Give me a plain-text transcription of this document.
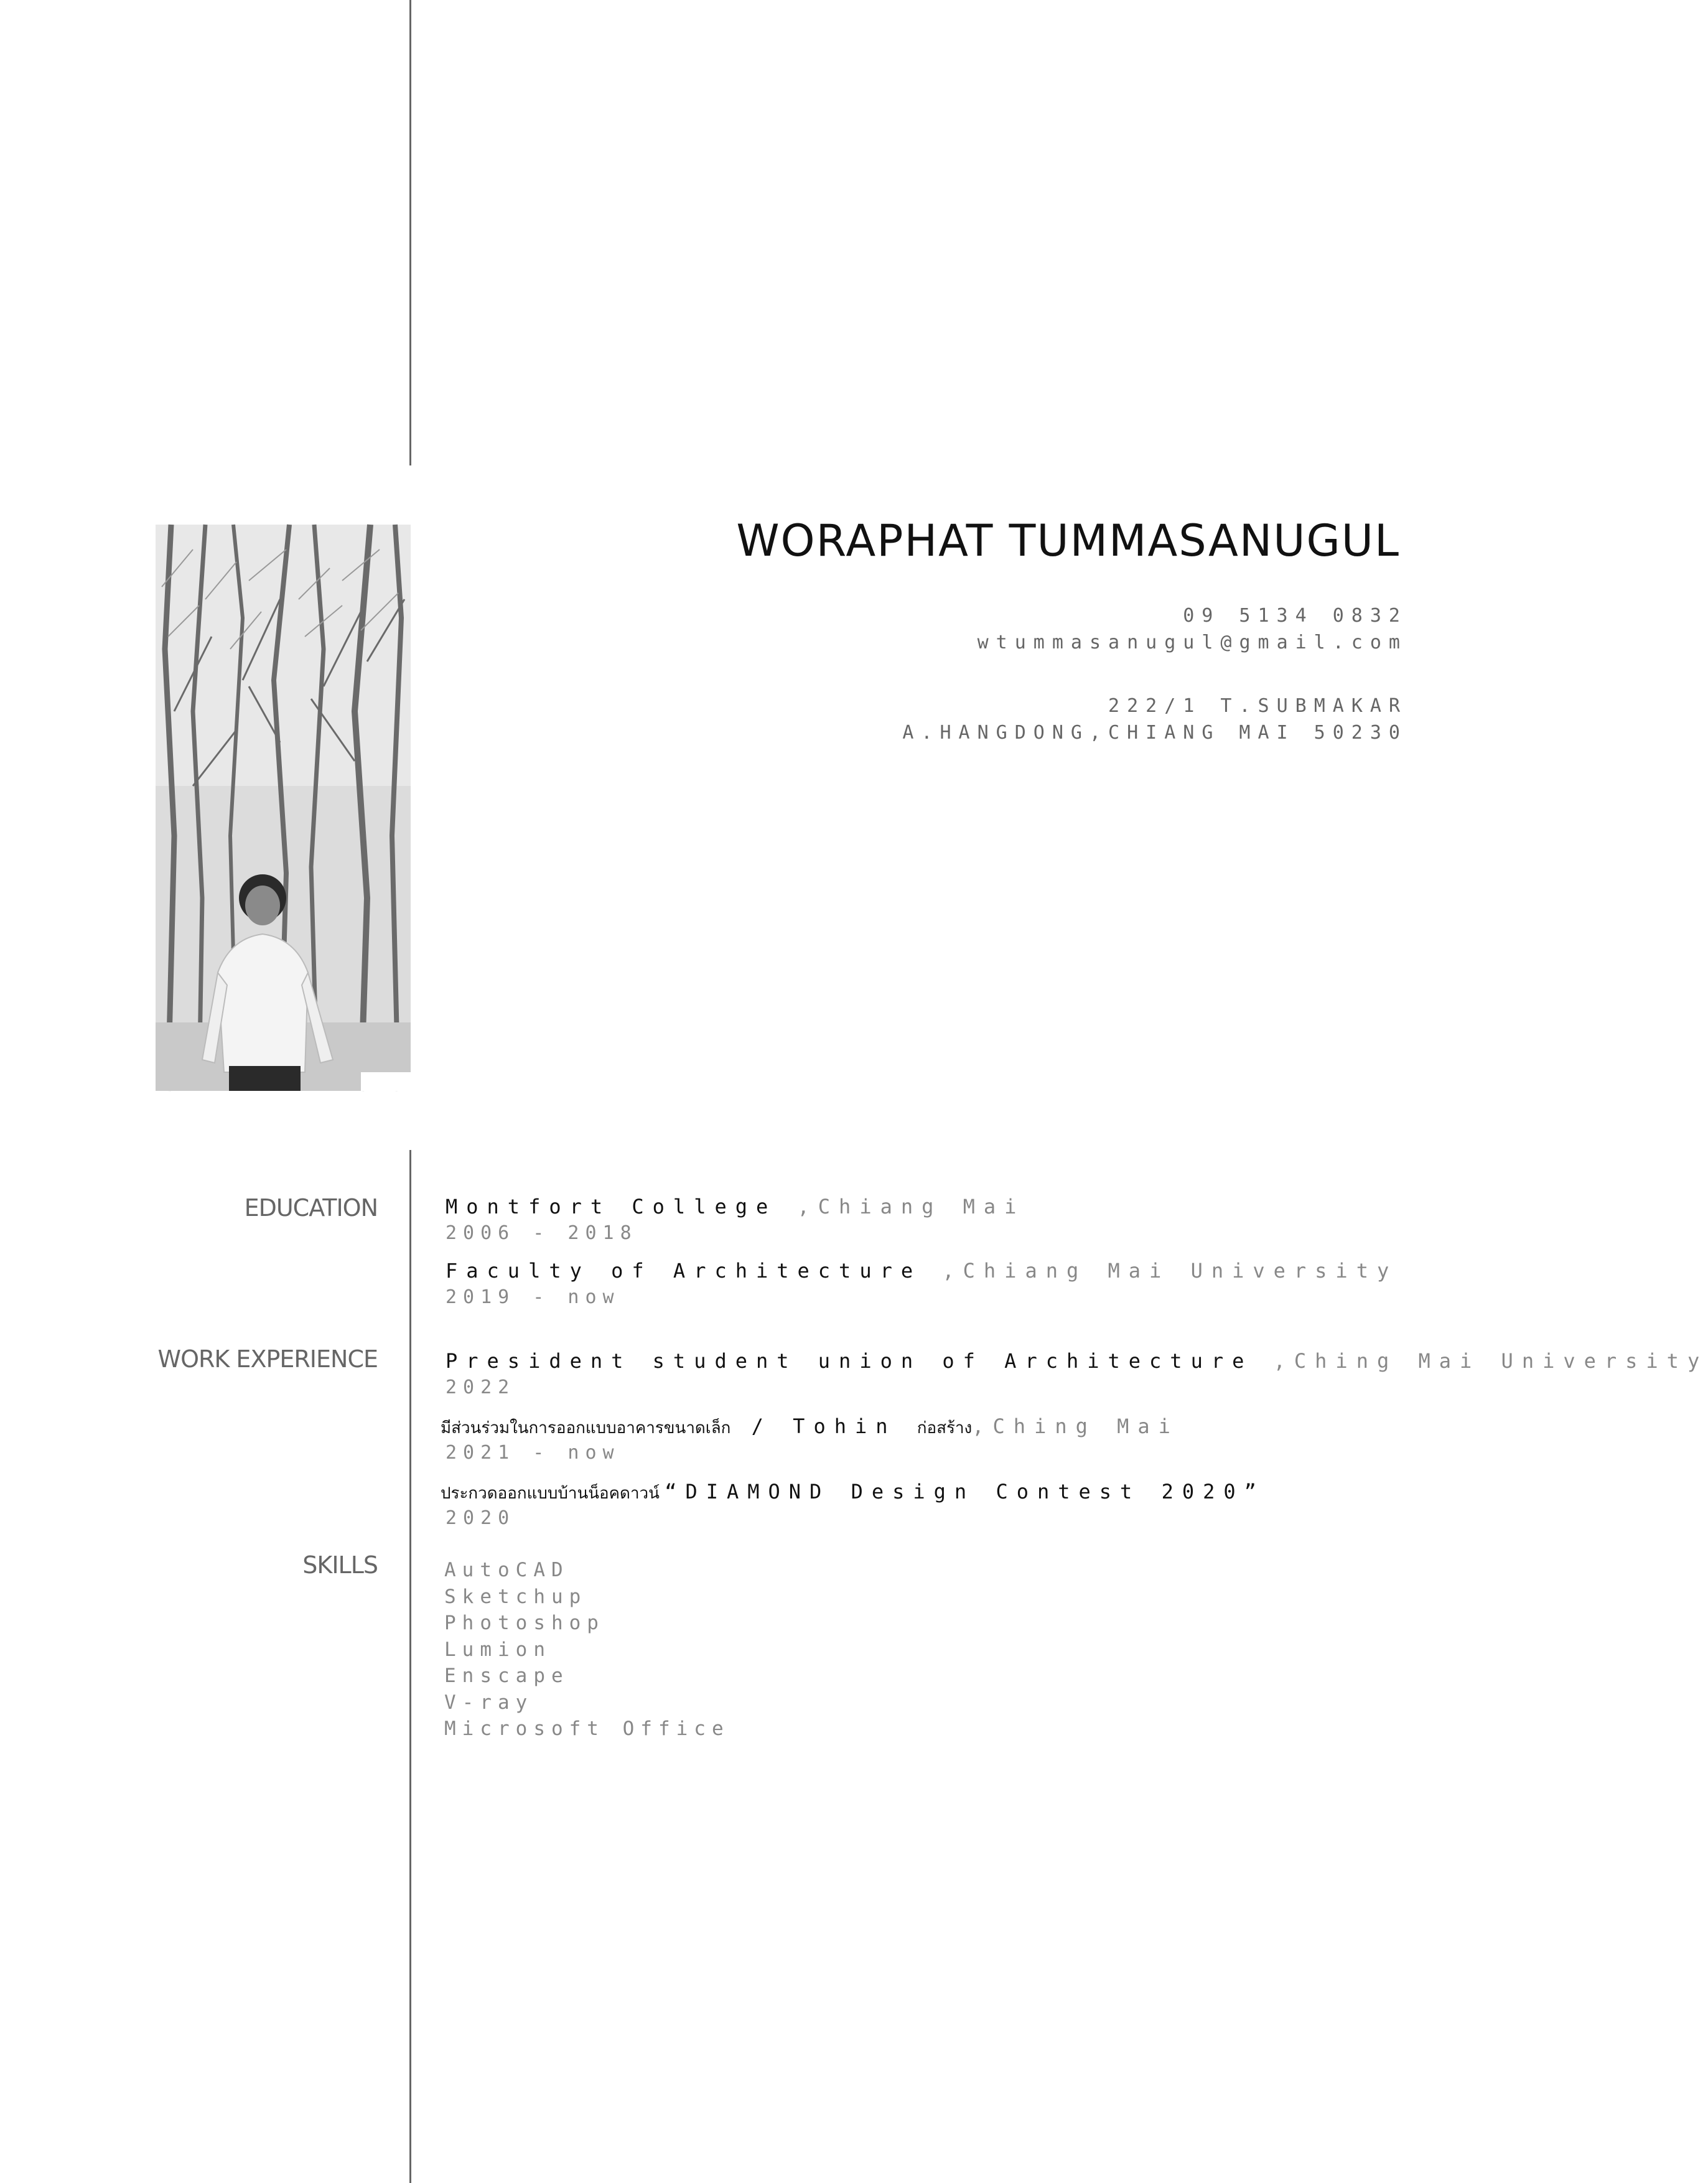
WORAPHAT TUMMASANUGUL
09 5134 0832
wtummasanugul@gmail.com
222/1 T.SUBMAKAR
A.HANGDONG,CHIANG MAI 50230
EDUCATION
WORK EXPERIENCE
SKILLS
Montfort College ,Chiang Mai
2006 - 2018
Faculty of Architecture ,Chiang Mai University
2019 - now
President student union of Architecture ,Ching Mai University
2022
มีส่วนร่วมในการออกแบบอาคารขนาดเล็ก / Tohin ก่อสร้าง,Ching Mai
2021 - now
ประกวดออกแบบบ้านน็อคดาวน์ “DIAMOND Design Contest 2020”
2020
AutoCAD
Sketchup
Photoshop
Lumion
Enscape
V-ray
Microsoft Office
